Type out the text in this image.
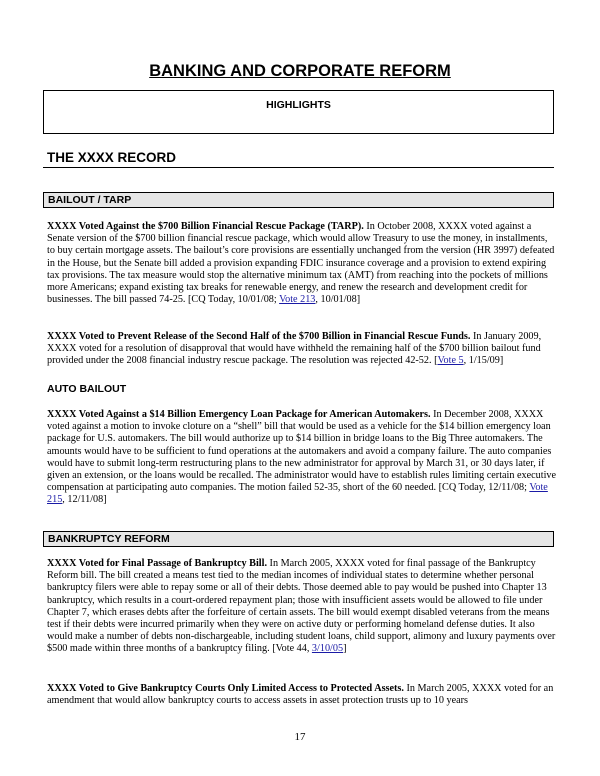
BANKING AND CORPORATE REFORM
HIGHLIGHTS
THE XXXX RECORD
BAILOUT / TARP
XXXX Voted Against the $700 Billion Financial Rescue Package (TARP). In October 2008, XXXX voted against a Senate version of the $700 billion financial rescue package, which would allow Treasury to use the money, in installments, to buy certain mortgage assets. The bailout’s core provisions are essentially unchanged from the version (HR 3997) defeated in the House, but the Senate bill added a provision expanding FDIC insurance coverage and a provision to extend expiring tax provisions. The tax measure would stop the alternative minimum tax (AMT) from reaching into the pockets of millions more Americans; expand existing tax breaks for renewable energy, and renew the research and development credit for businesses. The bill passed 74-25. [CQ Today, 10/01/08; Vote 213, 10/01/08]
XXXX Voted to Prevent Release of the Second Half of the $700 Billion in Financial Rescue Funds. In January 2009, XXXX voted for a resolution of disapproval that would have withheld the remaining half of the $700 billion bailout fund provided under the 2008 financial industry rescue package. The resolution was rejected 42-52. [Vote 5, 1/15/09]
AUTO BAILOUT
XXXX Voted Against a $14 Billion Emergency Loan Package for American Automakers. In December 2008, XXXX voted against a motion to invoke cloture on a “shell” bill that would be used as a vehicle for the $14 billion emergency loan package for U.S. automakers. The bill would authorize up to $14 billion in bridge loans to the Big Three automakers. The amounts would have to be sufficient to fund operations at the automakers and avoid a company failure. The auto companies would have to submit long-term restructuring plans to the new administrator for approval by March 31, or 30 days later, if given an extension, or the loans would be recalled. The administrator would have to establish rules limiting certain executive compensation at participating auto companies. The motion failed 52-35, short of the 60 needed. [CQ Today, 12/11/08; Vote 215, 12/11/08]
BANKRUPTCY REFORM
XXXX Voted for Final Passage of Bankruptcy Bill. In March 2005, XXXX voted for final passage of the Bankruptcy Reform bill. The bill created a means test tied to the median incomes of individual states to determine whether personal bankruptcy filers were able to repay some or all of their debts. Those deemed able to pay would be pushed into Chapter 13 bankruptcy, which results in a court-ordered repayment plan; those with insufficient assets would be allowed to file under Chapter 7, which erases debts after the forfeiture of certain assets. The bill would exempt disabled veterans from the means test if their debts were incurred primarily when they were on active duty or performing homeland defense duties. It also would make a number of debts non-dischargeable, including student loans, child support, alimony and luxury payments over $500 made within three months of a bankruptcy filing. [Vote 44, 3/10/05]
XXXX Voted to Give Bankruptcy Courts Only Limited Access to Protected Assets. In March 2005, XXXX voted for an amendment that would allow bankruptcy courts to access assets in asset protection trusts up to 10 years
17
